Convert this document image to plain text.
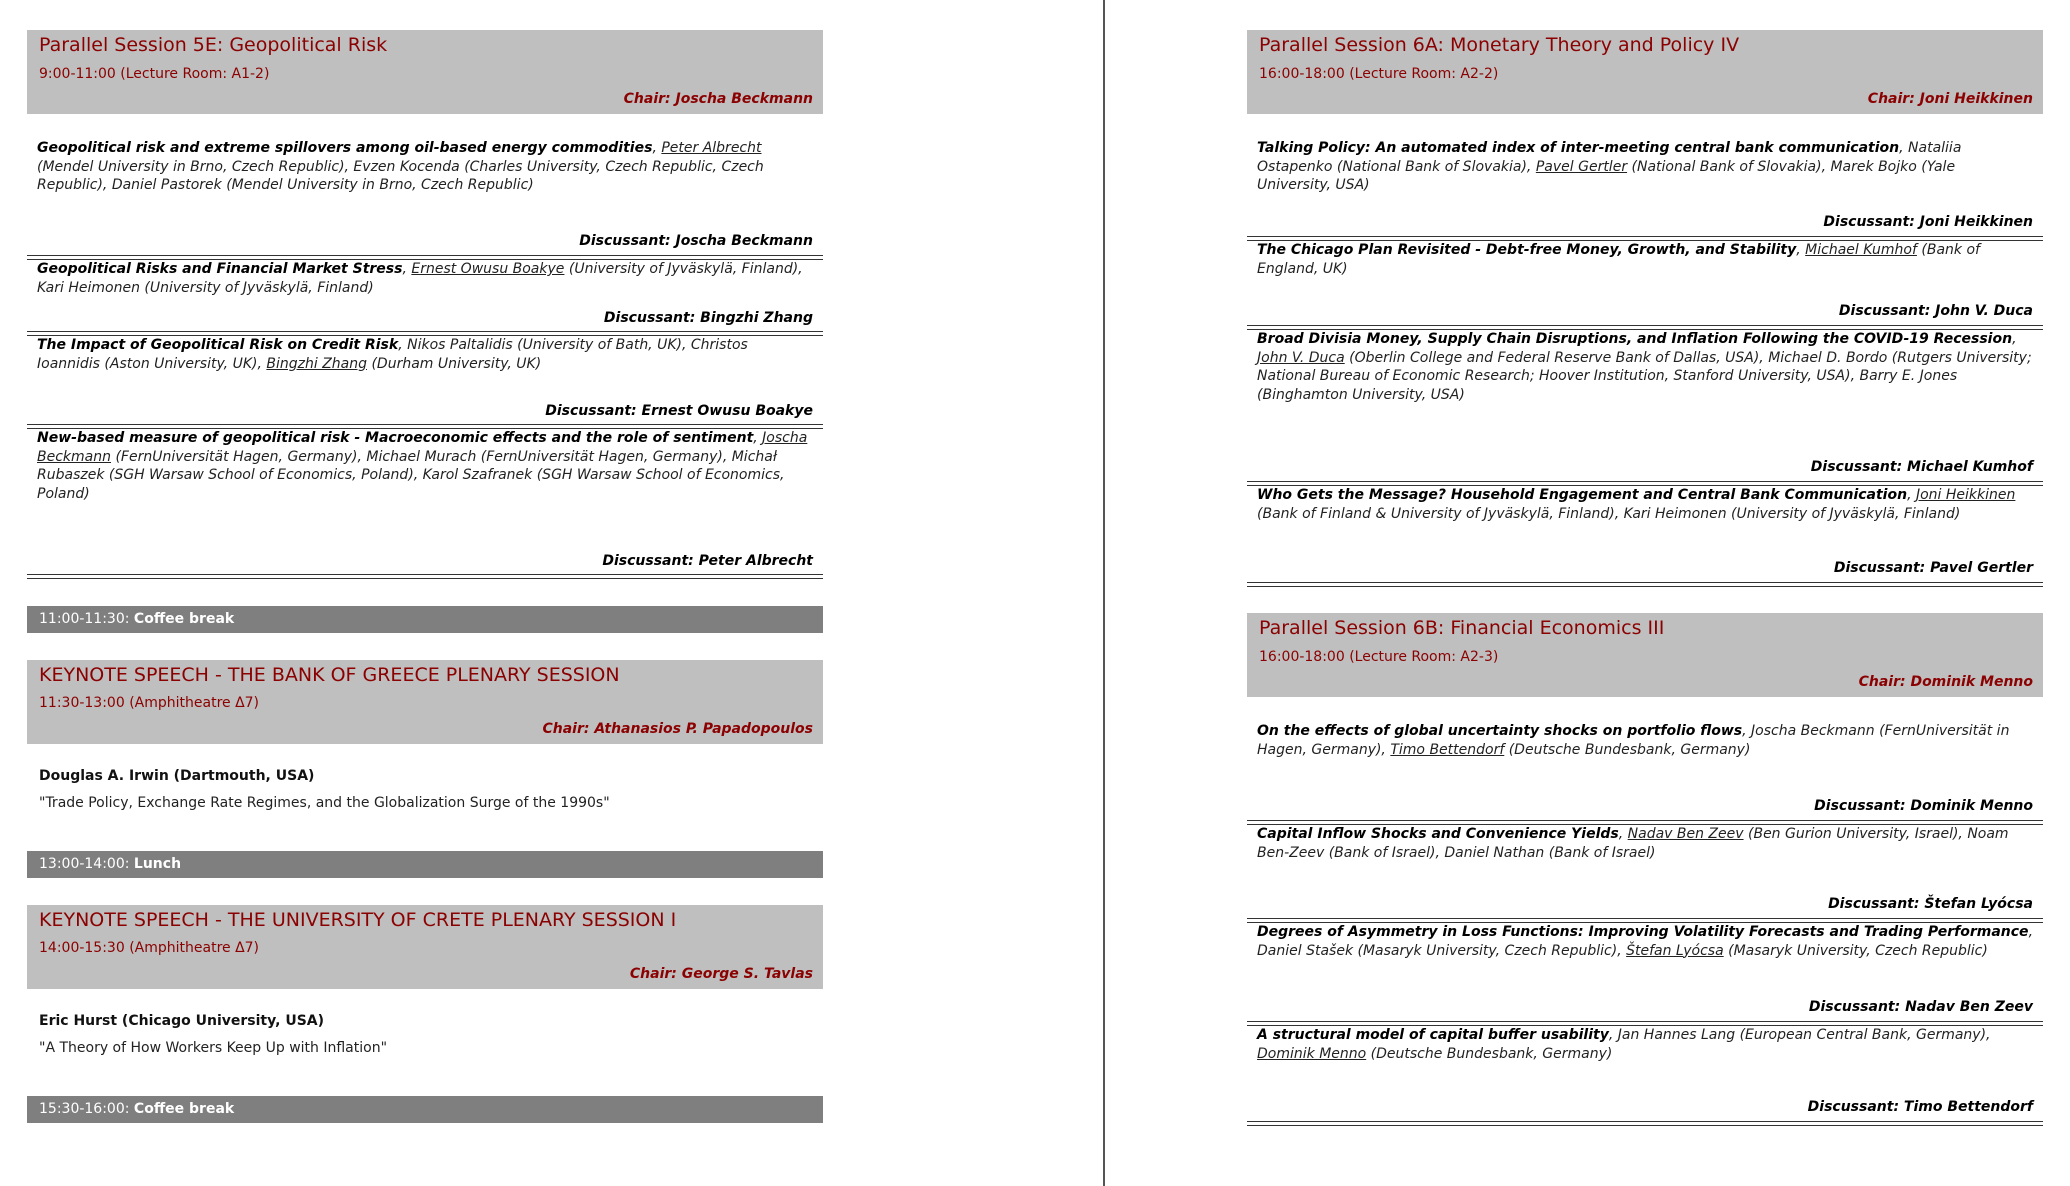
Parallel Session 5E: Geopolitical Risk
9:00-11:00 (Lecture Room: A1-2)
Chair: Joscha Beckmann
Geopolitical risk and extreme spillovers among oil-based energy commodities, Peter Albrecht (Mendel University in Brno, Czech Republic), Evzen Kocenda (Charles University, Czech Republic, Czech Republic), Daniel Pastorek (Mendel University in Brno, Czech Republic)
Discussant: Joscha Beckmann
Geopolitical Risks and Financial Market Stress, Ernest Owusu Boakye (University of Jyväskylä, Finland), Kari Heimonen (University of Jyväskylä, Finland)
Discussant: Bingzhi Zhang
The Impact of Geopolitical Risk on Credit Risk, Nikos Paltalidis (University of Bath, UK), Christos Ioannidis (Aston University, UK), Bingzhi Zhang (Durham University, UK)
Discussant: Ernest Owusu Boakye
New-based measure of geopolitical risk - Macroeconomic effects and the role of sentiment, Joscha Beckmann (FernUniversität Hagen, Germany), Michael Murach (FernUniversität Hagen, Germany), Michał Rubaszek (SGH Warsaw School of Economics, Poland), Karol Szafranek (SGH Warsaw School of Economics, Poland)
Discussant: Peter Albrecht
11:00-11:30: Coffee break
KEYNOTE SPEECH - THE BANK OF GREECE PLENARY SESSION
11:30-13:00 (Amphitheatre Δ7)
Chair: Athanasios P. Papadopoulos
Douglas A. Irwin (Dartmouth, USA)
"Trade Policy, Exchange Rate Regimes, and the Globalization Surge of the 1990s"
13:00-14:00: Lunch
KEYNOTE SPEECH - THE UNIVERSITY OF CRETE PLENARY SESSION I
14:00-15:30 (Amphitheatre Δ7)
Chair: George S. Tavlas
Eric Hurst (Chicago University, USA)
"A Theory of How Workers Keep Up with Inflation"
15:30-16:00: Coffee break
Parallel Session 6A: Monetary Theory and Policy IV
16:00-18:00 (Lecture Room: A2-2)
Chair: Joni Heikkinen
Talking Policy: An automated index of inter-meeting central bank communication, Nataliia Ostapenko (National Bank of Slovakia), Pavel Gertler (National Bank of Slovakia), Marek Bojko (Yale University, USA)
Discussant: Joni Heikkinen
The Chicago Plan Revisited - Debt-free Money, Growth, and Stability, Michael Kumhof (Bank of England, UK)
Discussant: John V. Duca
Broad Divisia Money, Supply Chain Disruptions, and Inflation Following the COVID-19 Recession, John V. Duca (Oberlin College and Federal Reserve Bank of Dallas, USA), Michael D. Bordo (Rutgers University; National Bureau of Economic Research; Hoover Institution, Stanford University, USA), Barry E. Jones (Binghamton University, USA)
Discussant: Michael Kumhof
Who Gets the Message? Household Engagement and Central Bank Communication, Joni Heikkinen (Bank of Finland & University of Jyväskylä, Finland), Kari Heimonen (University of Jyväskylä, Finland)
Discussant: Pavel Gertler
Parallel Session 6B: Financial Economics III
16:00-18:00 (Lecture Room: A2-3)
Chair: Dominik Menno
On the effects of global uncertainty shocks on portfolio flows, Joscha Beckmann (FernUniversität in Hagen, Germany), Timo Bettendorf (Deutsche Bundesbank, Germany)
Discussant: Dominik Menno
Capital Inflow Shocks and Convenience Yields, Nadav Ben Zeev (Ben Gurion University, Israel), Noam Ben-Zeev (Bank of Israel), Daniel Nathan (Bank of Israel)
Discussant: Štefan Lyócsa
Degrees of Asymmetry in Loss Functions: Improving Volatility Forecasts and Trading Performance, Daniel Stašek (Masaryk University, Czech Republic), Štefan Lyócsa (Masaryk University, Czech Republic)
Discussant: Nadav Ben Zeev
A structural model of capital buffer usability, Jan Hannes Lang (European Central Bank, Germany), Dominik Menno (Deutsche Bundesbank, Germany)
Discussant: Timo Bettendorf
